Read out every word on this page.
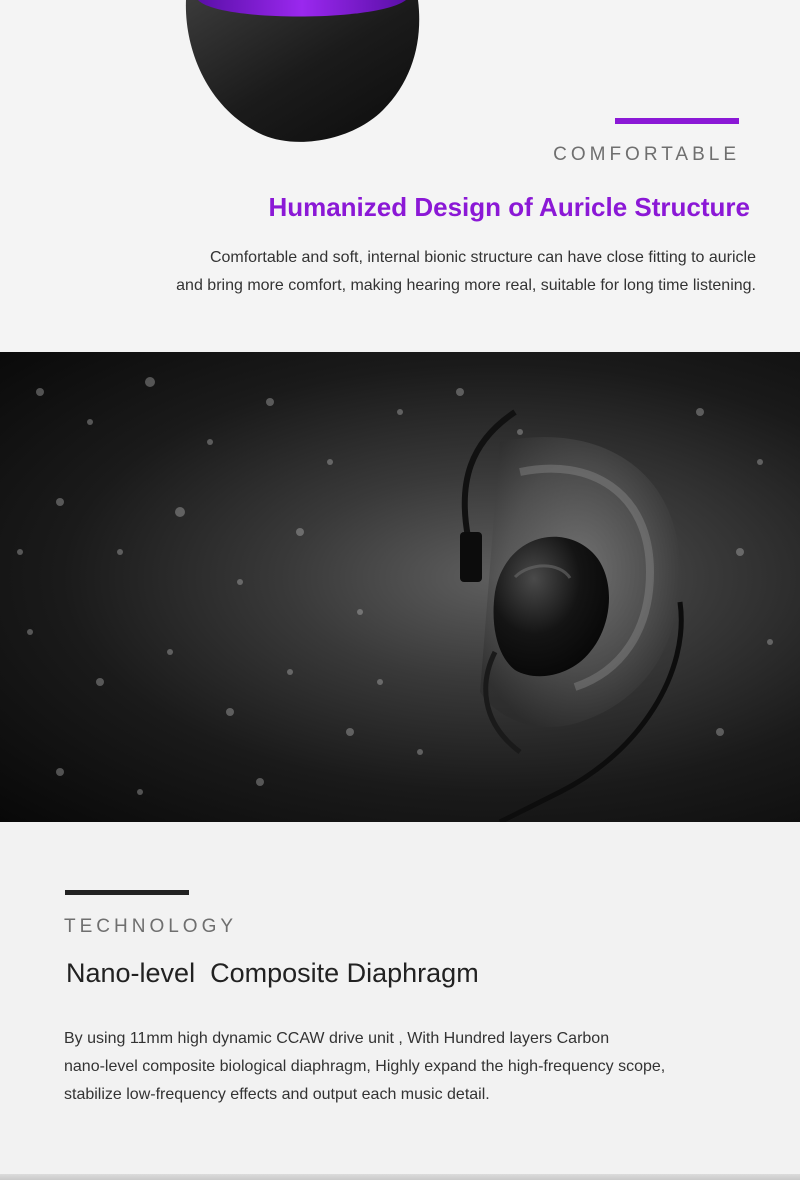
COMFORTABLE
Humanized Design of Auricle Structure
Comfortable and soft, internal bionic structure can have close fitting to auricle
and bring more comfort, making hearing more real, suitable for long time listening.
TECHNOLOGY
Nano-level  Composite Diaphragm
By using 11mm high dynamic CCAW drive unit , With Hundred layers Carbon
nano-level composite biological diaphragm, Highly expand the high-frequency scope,
stabilize low-frequency effects and output each music detail.
